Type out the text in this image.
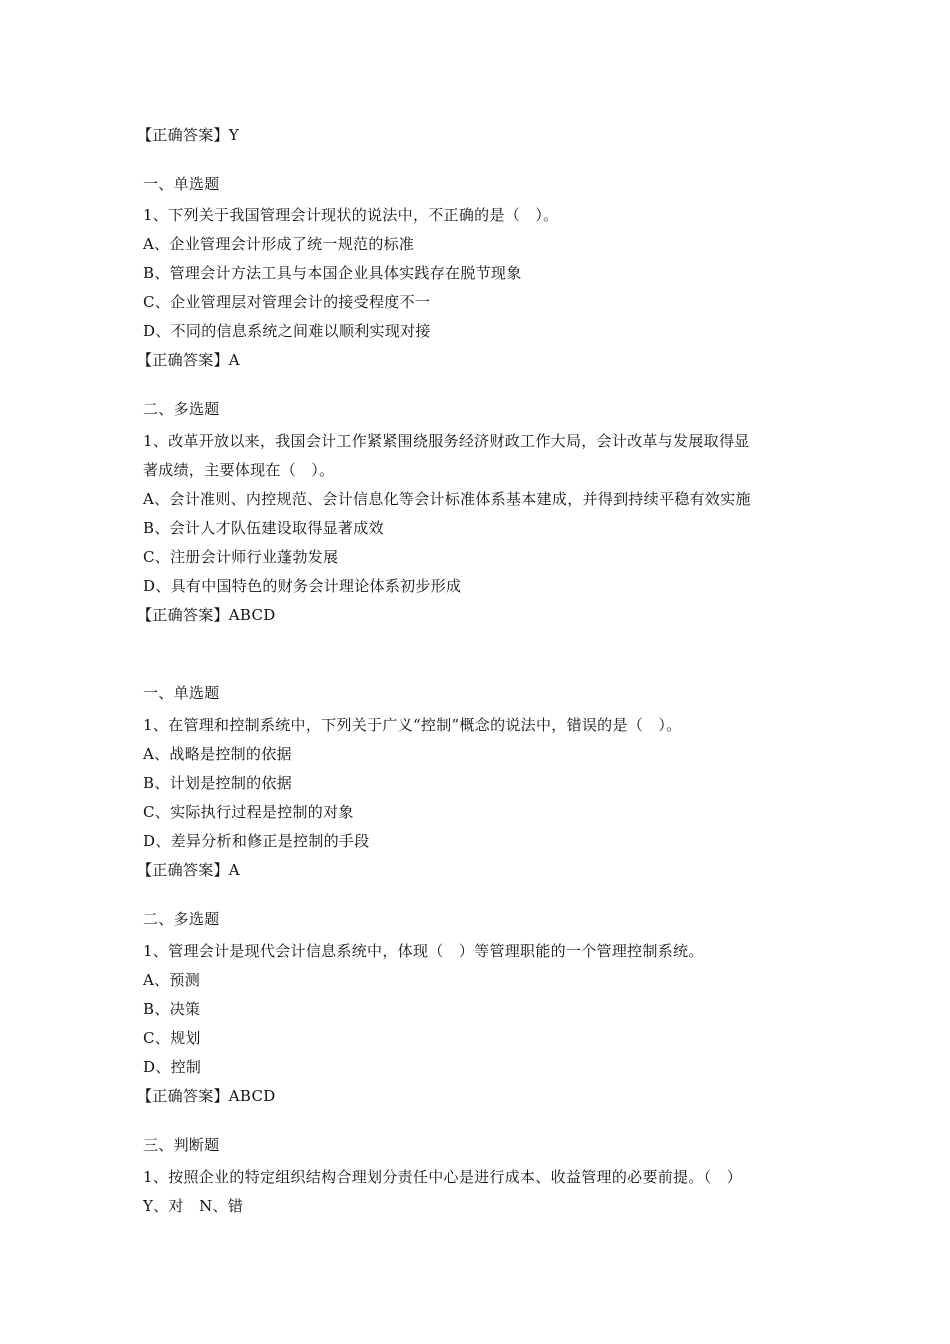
【正确答案】Y
一、单选题
1、下列关于我国管理会计现状的说法中，不正确的是（　）。
A、企业管理会计形成了统一规范的标准
B、管理会计方法工具与本国企业具体实践存在脱节现象
C、企业管理层对管理会计的接受程度不一
D、不同的信息系统之间难以顺利实现对接
【正确答案】A
二、多选题
1、改革开放以来，我国会计工作紧紧围绕服务经济财政工作大局，会计改革与发展取得显
著成绩，主要体现在（　）。
A、会计准则、内控规范、会计信息化等会计标准体系基本建成，并得到持续平稳有效实施
B、会计人才队伍建设取得显著成效
C、注册会计师行业蓬勃发展
D、具有中国特色的财务会计理论体系初步形成
【正确答案】ABCD
一、单选题
1、在管理和控制系统中，下列关于广义“控制”概念的说法中，错误的是（　）。
A、战略是控制的依据
B、计划是控制的依据
C、实际执行过程是控制的对象
D、差异分析和修正是控制的手段
【正确答案】A
二、多选题
1、管理会计是现代会计信息系统中，体现（　）等管理职能的一个管理控制系统。
A、预测
B、决策
C、规划
D、控制
【正确答案】ABCD
三、判断题
1、按照企业的特定组织结构合理划分责任中心是进行成本、收益管理的必要前提。（　）
Y、对　N、错
